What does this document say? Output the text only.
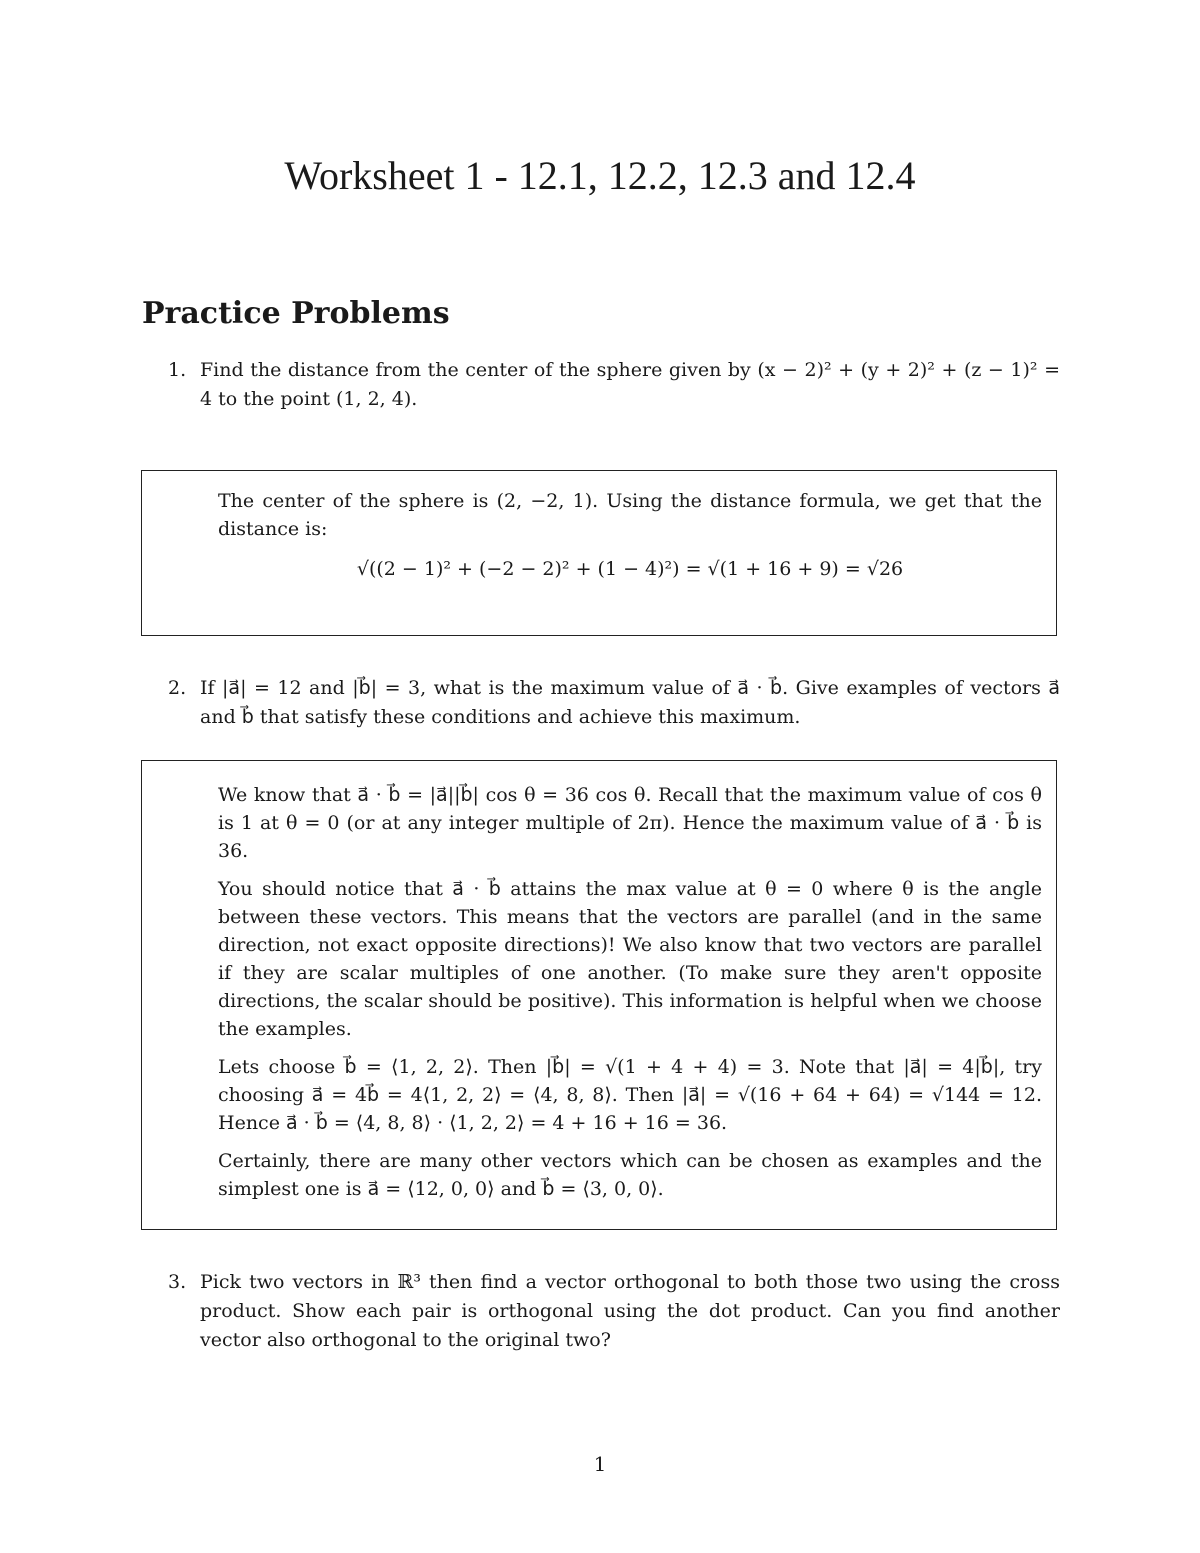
Worksheet 1 - 12.1, 12.2, 12.3 and 12.4
Practice Problems
1. Find the distance from the center of the sphere given by (x − 2)² + (y + 2)² + (z − 1)² = 4 to the point (1, 2, 4).

The center of the sphere is (2, −2, 1). Using the distance formula, we get that the distance is:

√((2 − 1)² + (−2 − 2)² + (1 − 4)²) = √(1 + 16 + 9) = √26
2. If |a⃗| = 12 and |b⃗| = 3, what is the maximum value of a⃗ · b⃗. Give examples of vectors a⃗ and b⃗ that satisfy these conditions and achieve this maximum.

We know that a⃗ · b⃗ = |a⃗||b⃗| cos θ = 36 cos θ. Recall that the maximum value of cos θ is 1 at θ = 0 (or at any integer multiple of 2π). Hence the maximum value of a⃗ · b⃗ is 36.

You should notice that a⃗ · b⃗ attains the max value at θ = 0 where θ is the angle between these vectors. This means that the vectors are parallel (and in the same direction, not exact opposite directions)! We also know that two vectors are parallel if they are scalar multiples of one another. (To make sure they aren't opposite directions, the scalar should be positive). This information is helpful when we choose the examples.

Lets choose b⃗ = ⟨1, 2, 2⟩. Then |b⃗| = √(1 + 4 + 4) = 3. Note that |a⃗| = 4|b⃗|, try choosing a⃗ = 4b⃗ = 4⟨1, 2, 2⟩ = ⟨4, 8, 8⟩. Then |a⃗| = √(16 + 64 + 64) = √144 = 12. Hence a⃗ · b⃗ = ⟨4, 8, 8⟩ · ⟨1, 2, 2⟩ = 4 + 16 + 16 = 36.

Certainly, there are many other vectors which can be chosen as examples and the simplest one is a⃗ = ⟨12, 0, 0⟩ and b⃗ = ⟨3, 0, 0⟩.

3. Pick two vectors in ℝ³ then find a vector orthogonal to both those two using the cross product. Show each pair is orthogonal using the dot product. Can you find another vector also orthogonal to the original two?
1
